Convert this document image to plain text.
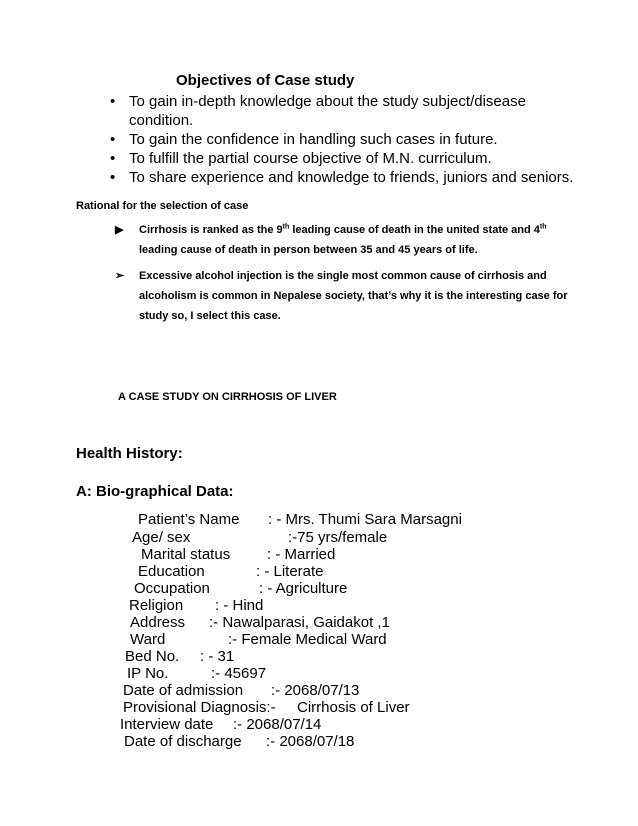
Objectives of Case study
• To gain in-depth knowledge about the study subject/disease condition.
• To gain the confidence in handling such cases in future.
• To fulfill the partial course objective of M.N. curriculum.
• To share experience and knowledge to friends, juniors and seniors.
Rational for the selection of case
▶ Cirrhosis is ranked as the 9th leading cause of death in the united state and 4th leading cause of death in person between 35 and 45 years of life.
➢ Excessive alcohol injection is the single most common cause of cirrhosis and alcoholism is common in Nepalese society, that’s why it is the interesting case for study so, I select this case.
A CASE STUDY ON CIRRHOSIS OF LIVER
Health History:
A: Bio-graphical Data:
Patient’s Name : - Mrs. Thumi Sara Marsagni
Age/ sex	:-75 yrs/female
Marital status : - Married
Education	: - Literate
Occupation	: - Agriculture
Religion : - Hind
Address :- Nawalparasi, Gaidakot ,1
Ward	:- Female Medical Ward
Bed No. : - 31
IP No.	:- 45697
Date of admission :- 2068/07/13
Provisional Diagnosis:- Cirrhosis of Liver
Interview date :- 2068/07/14
Date of discharge :- 2068/07/18
